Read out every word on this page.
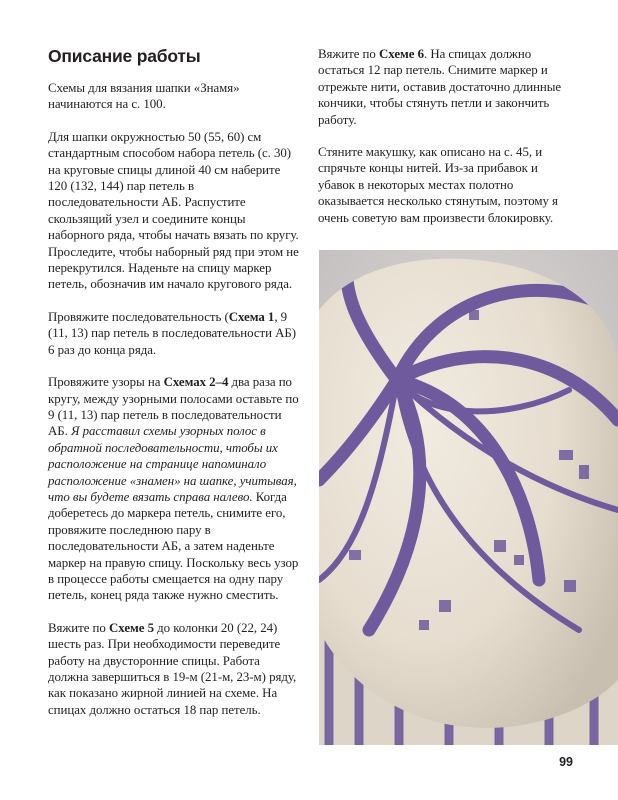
Описание работы

Схемы для вязания шапки «Знамя» начинаются на с. 100.

Для шапки окружностью 50 (55, 60) см стандартным способом набора петель (с. 30) на круговые спицы длиной 40 см наберите 120 (132, 144) пар петель в последовательности АБ. Распустите скользящий узел и соедините концы наборного ряда, чтобы начать вязать по кругу. Проследите, чтобы наборный ряд при этом не перекрутился. Наденьте на спицу маркер петель, обозначив им начало кругового ряда.

Провяжите последовательность (Схема 1, 9 (11, 13) пар петель в последовательности АБ) 6 раз до конца ряда.

Провяжите узоры на Схемах 2–4 два раза по кругу, между узорными полосами оставьте по 9 (11, 13) пар петель в последовательности АБ. Я расставил схемы узорных полос в обратной последовательности, чтобы их расположение на странице напоминало расположение «знамен» на шапке, учитывая, что вы будете вязать справа налево. Когда доберетесь до маркера петель, снимите его, провяжите последнюю пару в последовательности АБ, а затем наденьте маркер на правую спицу. Поскольку весь узор в процессе работы смещается на одну пару петель, конец ряда также нужно сместить.

Вяжите по Схеме 5 до колонки 20 (22, 24) шесть раз. При необходимости переведите работу на двусторонние спицы. Работа должна завершиться в 19-м (21-м, 23-м) ряду, как показано жирной линией на схеме. На спицах должно остаться 18 пар петель.

Вяжите по Схеме 6. На спицах должно остаться 12 пар петель. Снимите маркер и отрежьте нити, оставив достаточно длинные кончики, чтобы стянуть петли и закончить работу.

Стяните макушку, как описано на с. 45, и спрячьте концы нитей. Из-за прибавок и убавок в некоторых местах полотно оказывается несколько стянутым, поэтому я очень советую вам произвести блокировку.

99
